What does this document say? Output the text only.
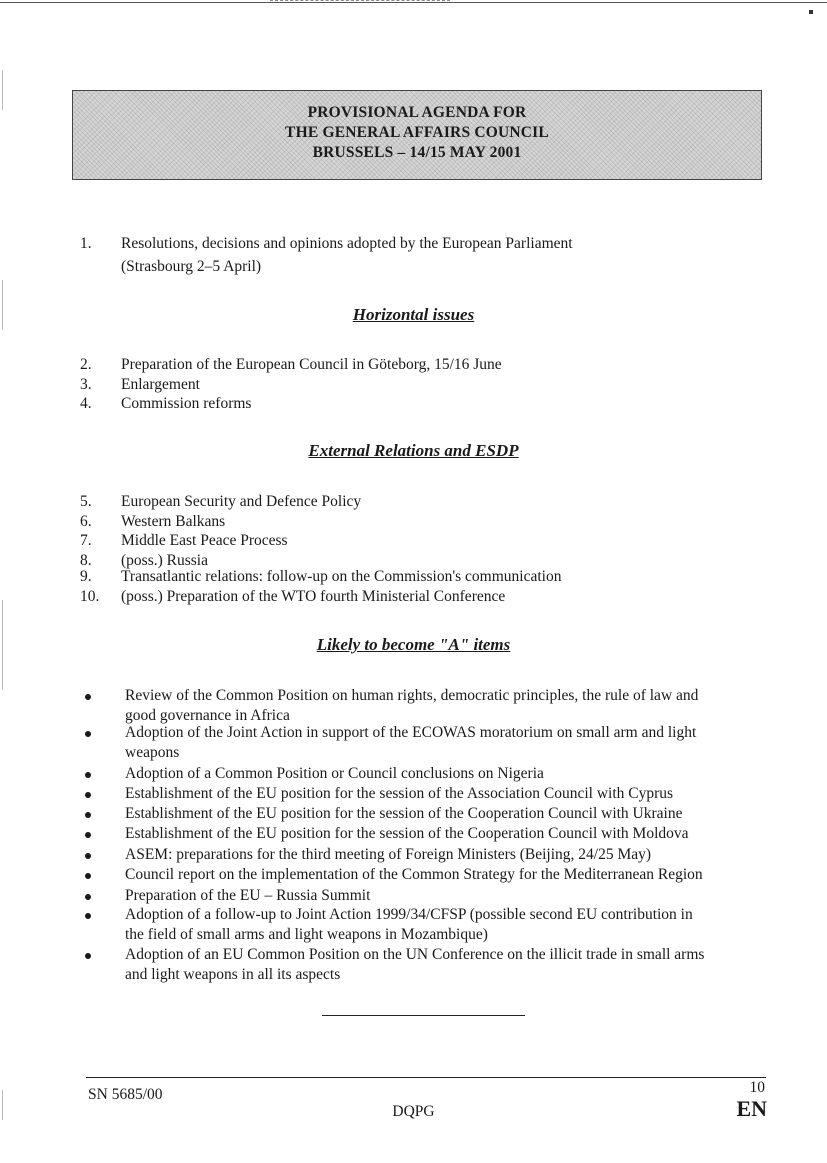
PROVISIONAL AGENDA FOR
THE GENERAL AFFAIRS COUNCIL
BRUSSELS – 14/15 MAY 2001
1.	Resolutions, decisions and opinions adopted by the European Parliament
(Strasbourg 2–5 April)
Horizontal issues
2.	Preparation of the European Council in Göteborg, 15/16 June
3.	Enlargement
4.	Commission reforms
External Relations and ESDP
5.	European Security and Defence Policy
6.	Western Balkans
7.	Middle East Peace Process
8.	(poss.) Russia
9.	Transatlantic relations: follow-up on the Commission's communication
10.	(poss.) Preparation of the WTO fourth Ministerial Conference
Likely to become "A" items
Review of the Common Position on human rights, democratic principles, the rule of law and
good governance in Africa
Adoption of the Joint Action in support of the ECOWAS moratorium on small arm and light
weapons
Adoption of a Common Position or Council conclusions on Nigeria
Establishment of the EU position for the session of the Association Council with Cyprus
Establishment of the EU position for the session of the Cooperation Council with Ukraine
Establishment of the EU position for the session of the Cooperation Council with Moldova
ASEM: preparations for the third meeting of Foreign Ministers (Beijing, 24/25 May)
Council report on the implementation of the Common Strategy for the Mediterranean Region
Preparation of the EU – Russia Summit
Adoption of a follow-up to Joint Action 1999/34/CFSP (possible second EU contribution in
the field of small arms and light weapons in Mozambique)
Adoption of an EU Common Position on the UN Conference on the illicit trade in small arms
and light weapons in all its aspects
SN 5685/00
DQPG
10
EN
